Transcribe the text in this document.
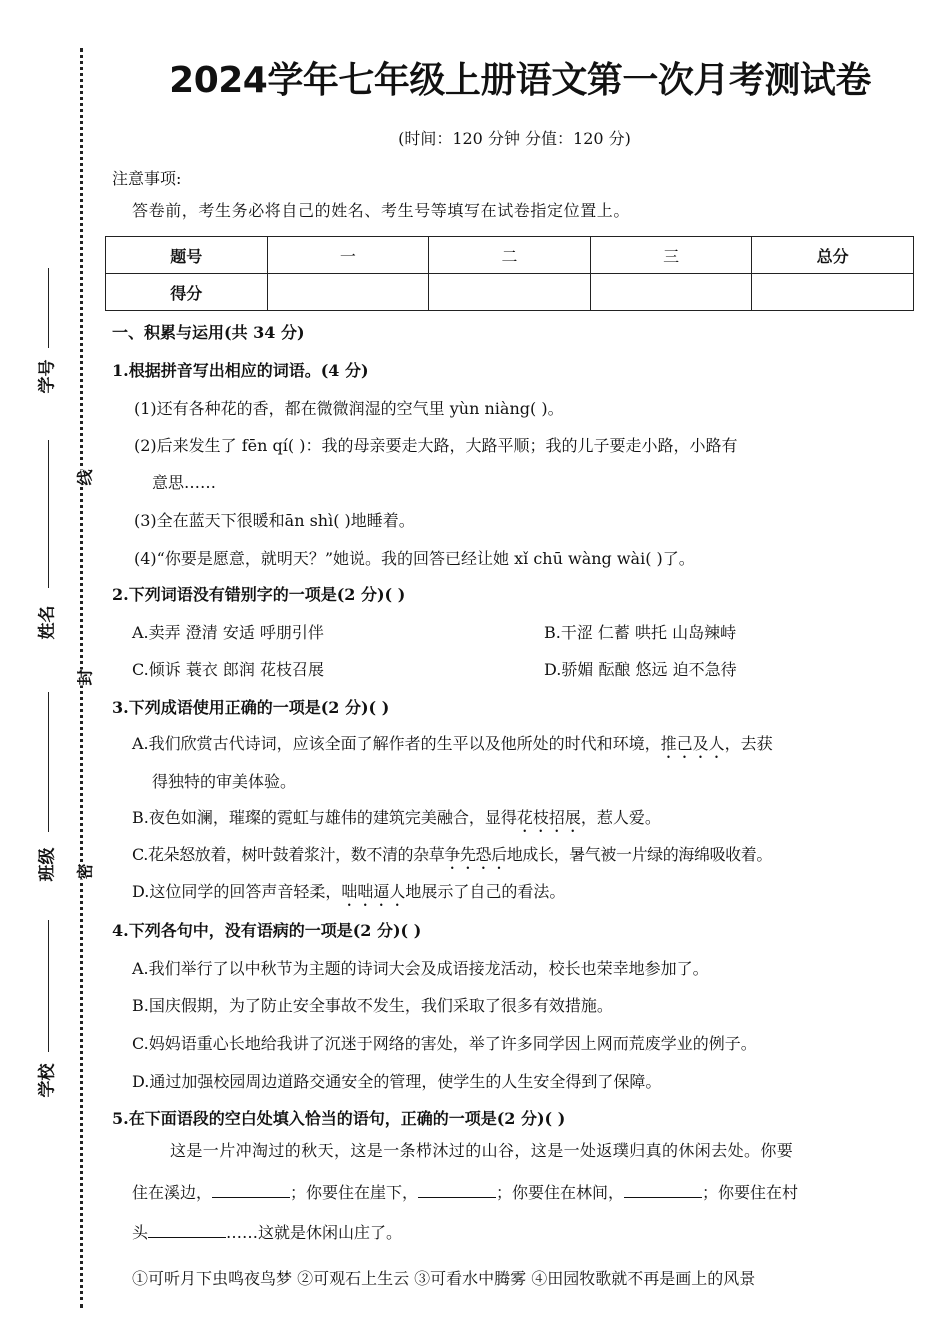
学号
姓名
班级
学校
线
封
密
2024学年七年级上册语文第一次月考测试卷
(时间：120 分钟 分值：120 分)
注意事项:
答卷前，考生务必将自己的姓名、考生号等填写在试卷指定位置上。
题号	一	二	三	总分
得分				
一、积累与运用(共 34 分)
1.根据拼音写出相应的词语。(4 分)
(1)还有各种花的香，都在微微润湿的空气里 yùn niàng( )。
(2)后来发生了 fēn qí( )：我的母亲要走大路，大路平顺；我的儿子要走小路，小路有
意思……
(3)全在蓝天下很暖和ān shì( )地睡着。
(4)“你要是愿意，就明天？”她说。我的回答已经让她 xǐ chū wàng wài( )了。
2.下列词语没有错别字的一项是(2 分)( )
A.卖弄 澄清 安适 呼朋引伴	B.干涩 仁蓄 哄托 山岛辣峙
C.倾诉 蓑衣 郎润 花枝召展	D.骄媚 酝酿 悠远 迫不急待
3.下列成语使用正确的一项是(2 分)( )
A.我们欣赏古代诗词，应该全面了解作者的生平以及他所处的时代和环境，推己及人，去获
得独特的审美体验。
B.夜色如澜，璀璨的霓虹与雄伟的建筑完美融合，显得花枝招展，惹人爱。
C.花朵怒放着，树叶鼓着浆汁，数不清的杂草争先恐后地成长，暑气被一片绿的海绵吸收着。
D.这位同学的回答声音轻柔，咄咄逼人地展示了自己的看法。
4.下列各句中，没有语病的一项是(2 分)( )
A.我们举行了以中秋节为主题的诗词大会及成语接龙活动，校长也荣幸地参加了。
B.国庆假期，为了防止安全事故不发生，我们采取了很多有效措施。
C.妈妈语重心长地给我讲了沉迷于网络的害处，举了许多同学因上网而荒废学业的例子。
D.通过加强校园周边道路交通安全的管理，使学生的人生安全得到了保障。
5.在下面语段的空白处填入恰当的语句，正确的一项是(2 分)( )
这是一片冲淘过的秋天，这是一条栉沐过的山谷，这是一处返璞归真的休闲去处。你要
住在溪边，	；你要住在崖下，	；你要住在林间，	；你要住在村
头	……这就是休闲山庄了。
①可听月下虫鸣夜鸟梦 ②可观石上生云 ③可看水中腾雾 ④田园牧歌就不再是画上的风景
